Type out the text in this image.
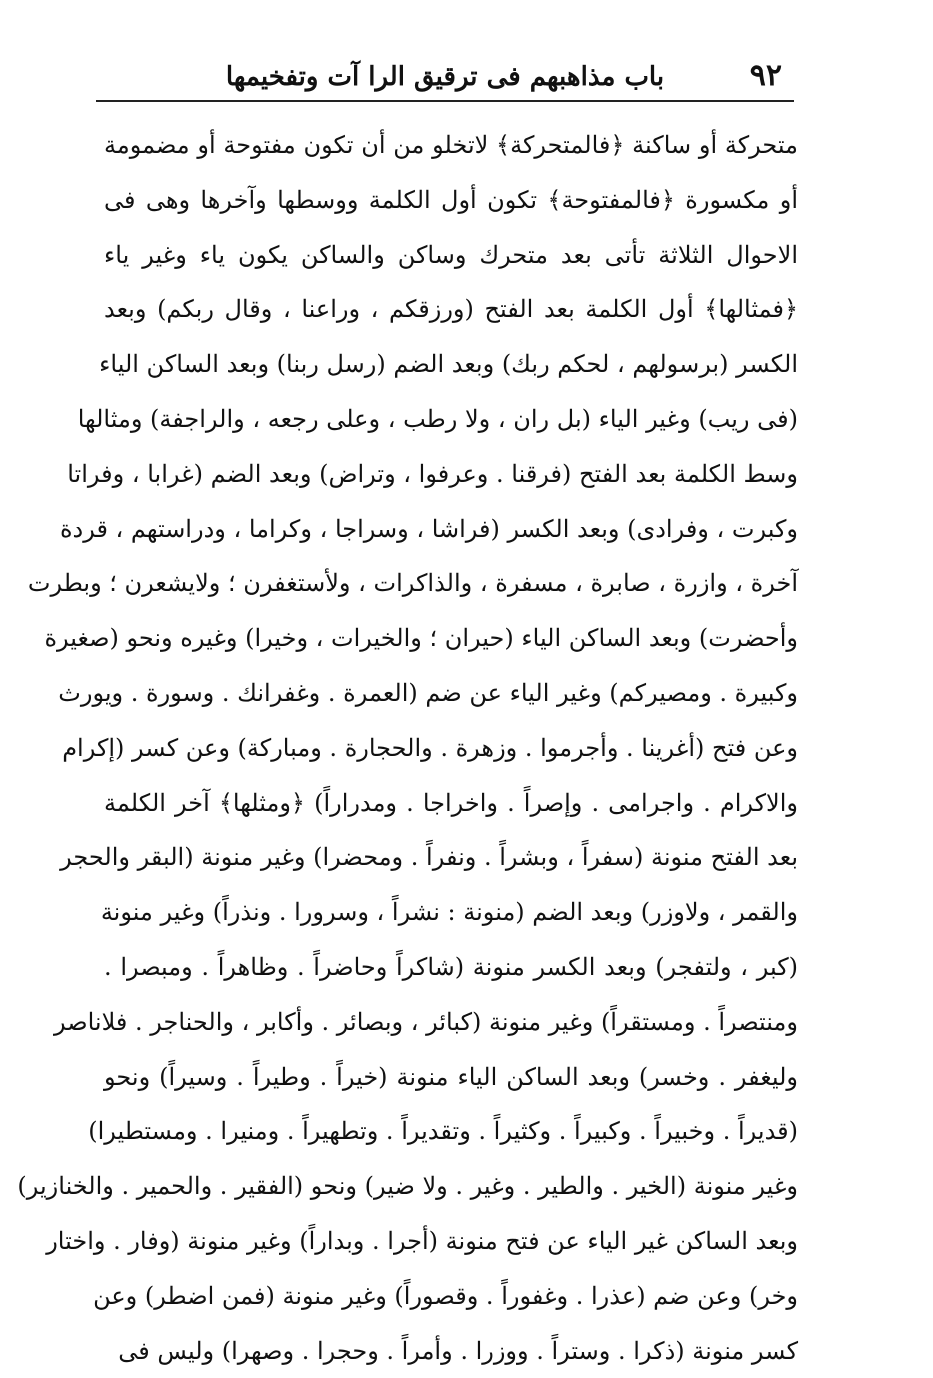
٩٢
باب مذاهبهم فى ترقيق الرا آت وتفخيمها
متحركة أو ساكنة ﴿فالمتحركة﴾ لاتخلو من أن تكون مفتوحة أو مضمومة
أو مكسورة ﴿فالمفتوحة﴾ تكون أول الكلمة ووسطها وآخرها وهى فى
الاحوال الثلاثة تأتى بعد متحرك وساكن والساكن يكون ياء وغير ياء
﴿فمثالها﴾ أول الكلمة بعد الفتح (ورزقكم ، وراعنا ، وقال ربكم) وبعد
الكسر (برسولهم ، لحكم ربك) وبعد الضم (رسل ربنا) وبعد الساكن الياء
(فى ريب) وغير الياء (بل ران ، ولا رطب ، وعلى رجعه ، والراجفة) ومثالها
وسط الكلمة بعد الفتح (فرقنا . وعرفوا ، وتراض) وبعد الضم (غرابا ، وفراتا
وكبرت ، وفرادى) وبعد الكسر (فراشا ، وسراجا ، وكراما ، ودراستهم ، قردة
آخرة ، وازرة ، صابرة ، مسفرة ، والذاكرات ، ولأستغفرن ؛ ولايشعرن ؛ وبطرت
وأحضرت) وبعد الساكن الياء (حيران ؛ والخيرات ، وخيرا) وغيره ونحو (صغيرة
وكبيرة . ومصيركم) وغير الياء عن ضم (العمرة . وغفرانك . وسورة . ويورث
وعن فتح (أغرينا . وأجرموا . وزهرة . والحجارة . ومباركة) وعن كسر (إكرام
والاكرام . واجرامى . وإصراً . واخراجا . ومدراراً) ﴿ومثلها﴾ آخر الكلمة
بعد الفتح منونة (سفراً ، وبشراً . ونفراً . ومحضرا) وغير منونة (البقر والحجر
والقمر ، ولاوزر) وبعد الضم (منونة : نشراً ، وسرورا . ونذراً) وغير منونة
(كبر ، ولتفجر) وبعد الكسر منونة (شاكراً وحاضراً . وظاهراً . ومبصرا .
ومنتصراً . ومستقراً) وغير منونة (كبائر ، وبصائر . وأكابر ، والحناجر . فلاناصر
وليغفر . وخسر) وبعد الساكن الياء منونة (خيراً . وطيراً . وسيراً) ونحو
(قديراً . وخبيراً . وكبيراً . وكثيراً . وتقديراً . وتطهيراً . ومنيرا . ومستطيرا)
وغير منونة (الخير . والطير . وغير . ولا ضير) ونحو (الفقير . والحمير . والخنازير)
وبعد الساكن غير الياء عن فتح منونة (أجرا . وبداراً) وغير منونة (وفار . واختار
وخر) وعن ضم (عذرا . وغفوراً . وقصوراً) وغير منونة (فمن اضطر) وعن
كسر منونة (ذكرا . وستراً . ووزرا . وأمراً . وحجرا . وصهرا) وليس فى
